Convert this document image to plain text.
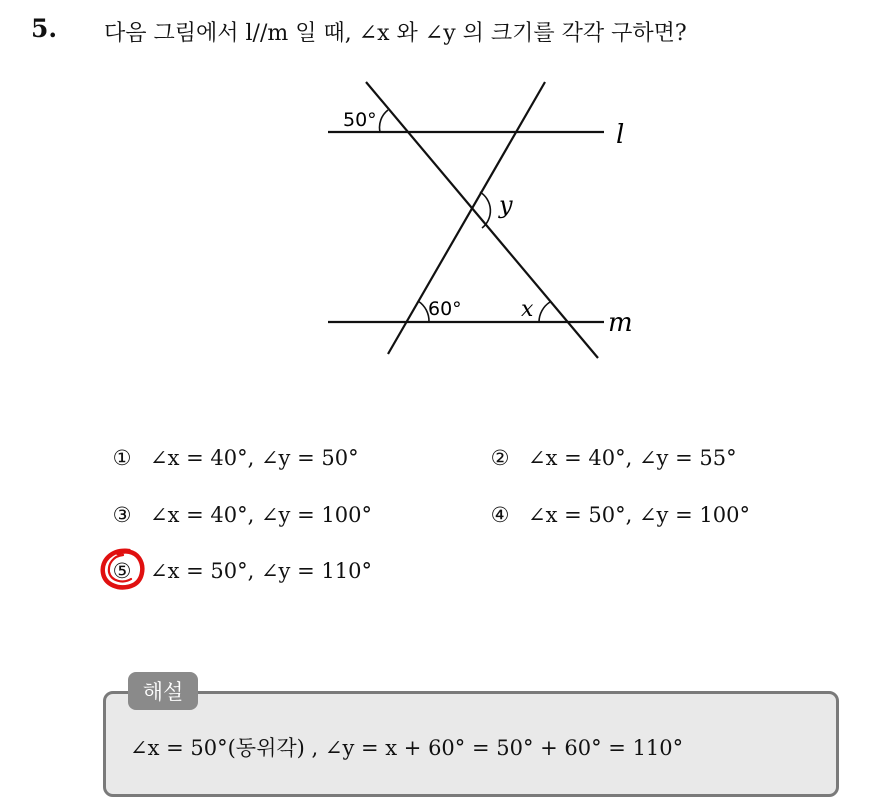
5. 다음 그림에서 l//m 일 때, ∠x 와 ∠y 의 크기를 각각 구하면?
l
m
50°
60°	x
y
① ∠x = 40°, ∠y = 50°	② ∠x = 40°, ∠y = 55°
③ ∠x = 40°, ∠y = 100°	④ ∠x = 50°, ∠y = 100°
⑤ ∠x = 50°, ∠y = 110°
해설
∠x = 50°(동위각) , ∠y = x + 60° = 50° + 60° = 110°
